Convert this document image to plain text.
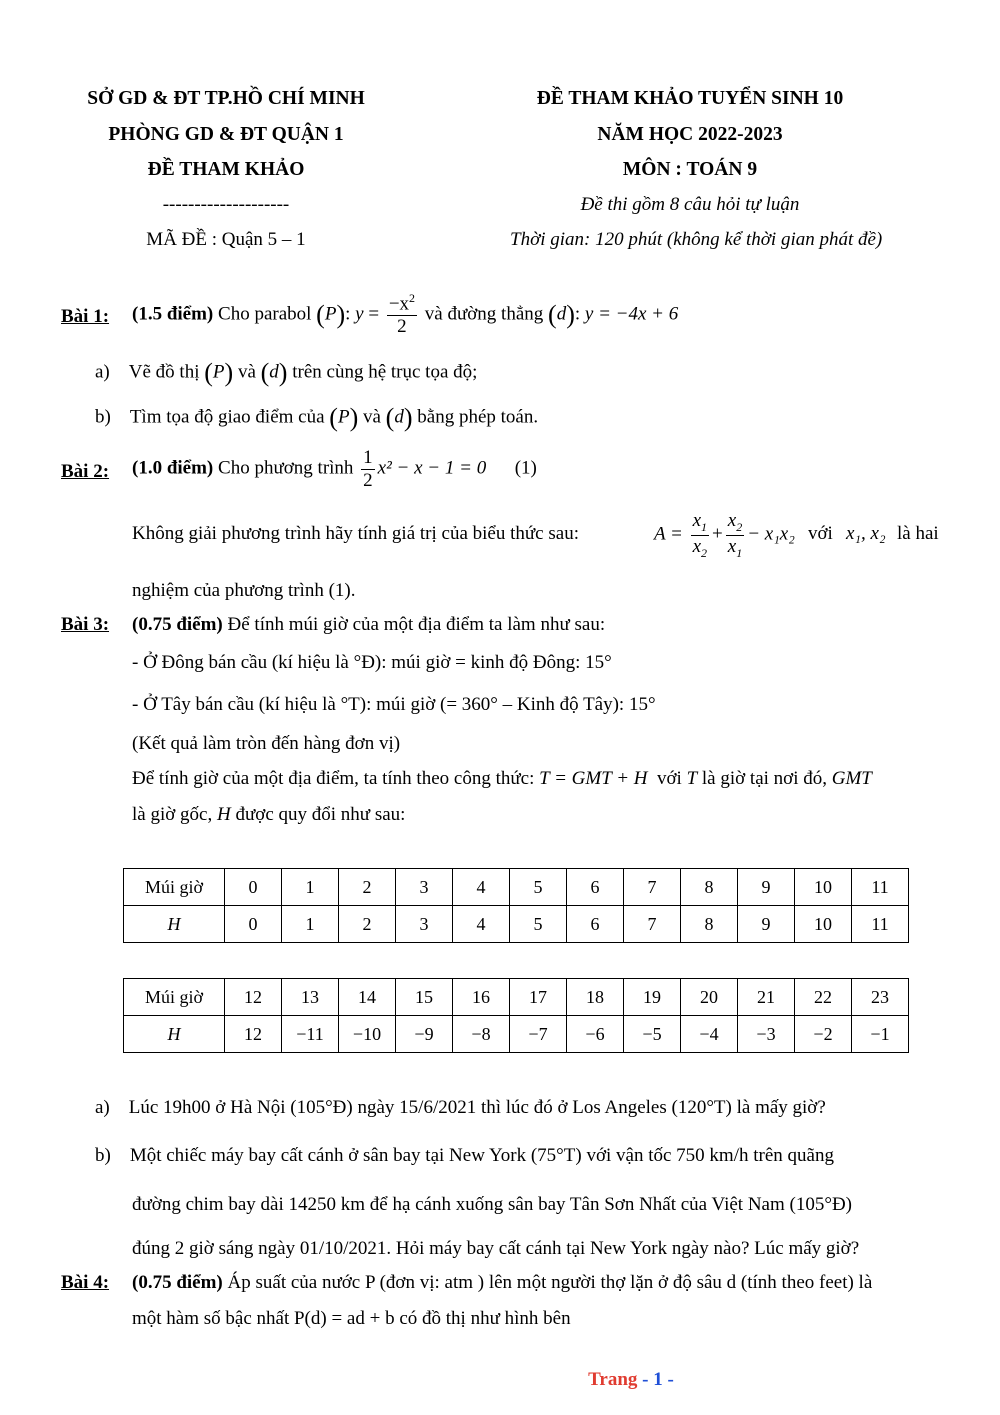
SỞ GD & ĐT TP.HỒ CHÍ MINH
PHÒNG GD & ĐT QUẬN 1
ĐỀ THAM KHẢO
--------------------
MÃ ĐỀ : Quận 5 – 1
ĐỀ THAM KHẢO TUYỂN SINH 10
NĂM HỌC 2022-2023
MÔN : TOÁN 9
Đề thi gồm 8 câu hỏi tự luận
Thời gian: 120 phút (không kể thời gian phát đề)
Bài 1: (1.5 điểm) Cho parabol (P): $y = \frac{-x^2}{2}$ và đường thẳng (d): y = −4x + 6
a) Vẽ đồ thị (P) và (d) trên cùng hệ trục tọa độ;
b) Tìm tọa độ giao điểm của (P) và (d) bằng phép toán.
Bài 2: (1.0 điểm) Cho phương trình $\frac{1}{2} x^2 - x - 1 = 0$ (1)
Không giải phương trình hãy tính giá trị của biểu thức sau:	$A = \frac{x_1}{x_2} + \frac{x_2}{x_1} - x_1x_2$ với x₁, x₂ là hai
nghiệm của phương trình (1).
Bài 3: (0.75 điểm) Để tính múi giờ của một địa điểm ta làm như sau:
- Ở Đông bán cầu (kí hiệu là °Đ): múi giờ = kinh độ Đông: 15°
- Ở Tây bán cầu (kí hiệu là °T): múi giờ (= 360° – Kinh độ Tây): 15°
(Kết quả làm tròn đến hàng đơn vị)
Để tính giờ của một địa điểm, ta tính theo công thức: T = GMT + H với T là giờ tại nơi đó, GMT
là giờ gốc, H được quy đổi như sau:
Múi giờ	0	1	2	3	4	5	6	7	8	9	10	11
H	0	1	2	3	4	5	6	7	8	9	10	11
Múi giờ	12	13	14	15	16	17	18	19	20	21	22	23
H	12	−11	−10	−9	−8	−7	−6	−5	−4	−3	−2	−1
a) Lúc 19h00 ở Hà Nội (105°Đ) ngày 15/6/2021 thì lúc đó ở Los Angeles (120°T) là mấy giờ?
b) Một chiếc máy bay cất cánh ở sân bay tại New York (75°T) với vận tốc 750 km/h trên quãng
đường chim bay dài 14250 km để hạ cánh xuống sân bay Tân Sơn Nhất của Việt Nam (105°Đ)
đúng 2 giờ sáng ngày 01/10/2021. Hỏi máy bay cất cánh tại New York ngày nào? Lúc mấy giờ?
Bài 4: (0.75 điểm) Áp suất của nước P (đơn vị: atm ) lên một người thợ lặn ở độ sâu d (tính theo feet) là
một hàm số bậc nhất P(d) = ad + b có đồ thị như hình bên
Trang - 1 -
